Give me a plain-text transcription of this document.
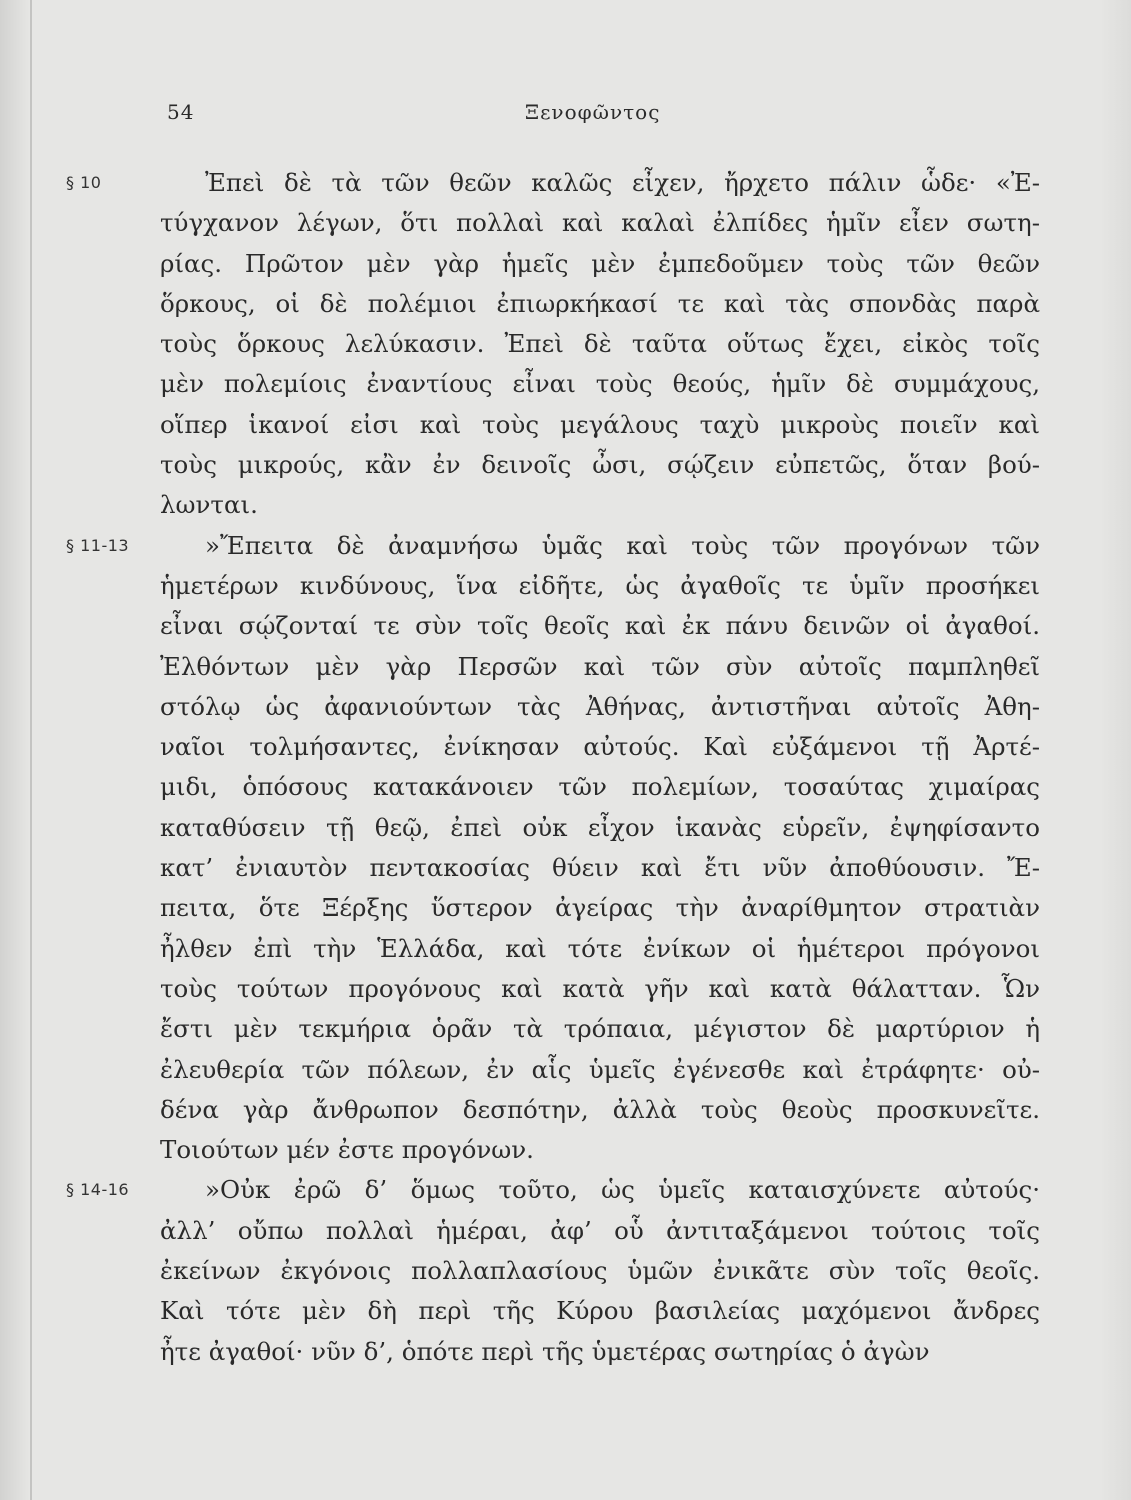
54	Ξενοφῶντος
§ 10	Ἐπεὶ δὲ τὰ τῶν θεῶν καλῶς εἶχεν, ἤρχετο πάλιν ὧδε· «Ἐ-
τύγχανον λέγων, ὅτι πολλαὶ καὶ καλαὶ ἐλπίδες ἡμῖν εἶεν σωτη-
ρίας. Πρῶτον μὲν γὰρ ἡμεῖς μὲν ἐμπεδοῦμεν τοὺς τῶν θεῶν
ὅρκους, οἱ δὲ πολέμιοι ἐπιωρκήκασί τε καὶ τὰς σπονδὰς παρὰ
τοὺς ὅρκους λελύκασιν. Ἐπεὶ δὲ ταῦτα οὕτως ἔχει, εἰκὸς τοῖς
μὲν πολεμίοις ἐναντίους εἶναι τοὺς θεούς, ἡμῖν δὲ συμμάχους,
οἵπερ ἱκανοί εἰσι καὶ τοὺς μεγάλους ταχὺ μικροὺς ποιεῖν καὶ
τοὺς μικρούς, κἂν ἐν δεινοῖς ὦσι, σῴζειν εὐπετῶς, ὅταν βού-
λωνται.
§ 11-13	»Ἔπειτα δὲ ἀναμνήσω ὑμᾶς καὶ τοὺς τῶν προγόνων τῶν
ἡμετέρων κινδύνους, ἵνα εἰδῆτε, ὡς ἀγαθοῖς τε ὑμῖν προσήκει
εἶναι σῴζονταί τε σὺν τοῖς θεοῖς καὶ ἐκ πάνυ δεινῶν οἱ ἀγαθοί.
Ἐλθόντων μὲν γὰρ Περσῶν καὶ τῶν σὺν αὐτοῖς παμπληθεῖ
στόλῳ ὡς ἀφανιούντων τὰς Ἀθήνας, ἀντιστῆναι αὐτοῖς Ἀθη-
ναῖοι τολμήσαντες, ἐνίκησαν αὐτούς. Καὶ εὐξάμενοι τῇ Ἀρτέ-
μιδι, ὁπόσους κατακάνοιεν τῶν πολεμίων, τοσαύτας χιμαίρας
καταθύσειν τῇ θεῷ, ἐπεὶ οὐκ εἶχον ἱκανὰς εὑρεῖν, ἐψηφίσαντο
κατ’ ἐνιαυτὸν πεντακοσίας θύειν καὶ ἔτι νῦν ἀποθύουσιν. Ἔ-
πειτα, ὅτε Ξέρξης ὕστερον ἀγείρας τὴν ἀναρίθμητον στρατιὰν
ἦλθεν ἐπὶ τὴν Ἑλλάδα, καὶ τότε ἐνίκων οἱ ἡμέτεροι πρόγονοι
τοὺς τούτων προγόνους καὶ κατὰ γῆν καὶ κατὰ θάλατταν. Ὧν
ἔστι μὲν τεκμήρια ὁρᾶν τὰ τρόπαια, μέγιστον δὲ μαρτύριον ἡ
ἐλευθερία τῶν πόλεων, ἐν αἷς ὑμεῖς ἐγένεσθε καὶ ἐτράφητε· οὐ-
δένα γὰρ ἄνθρωπον δεσπότην, ἀλλὰ τοὺς θεοὺς προσκυνεῖτε.
Τοιούτων μέν ἐστε προγόνων.
§ 14-16	»Οὐκ ἐρῶ δ’ ὅμως τοῦτο, ὡς ὑμεῖς καταισχύνετε αὐτούς·
ἀλλ’ οὔπω πολλαὶ ἡμέραι, ἀφ’ οὗ ἀντιταξάμενοι τούτοις τοῖς
ἐκείνων ἐκγόνοις πολλαπλασίους ὑμῶν ἐνικᾶτε σὺν τοῖς θεοῖς.
Καὶ τότε μὲν δὴ περὶ τῆς Κύρου βασιλείας μαχόμενοι ἄνδρες
ἦτε ἀγαθοί· νῦν δ’, ὁπότε περὶ τῆς ὑμετέρας σωτηρίας ὁ ἀγὼν
